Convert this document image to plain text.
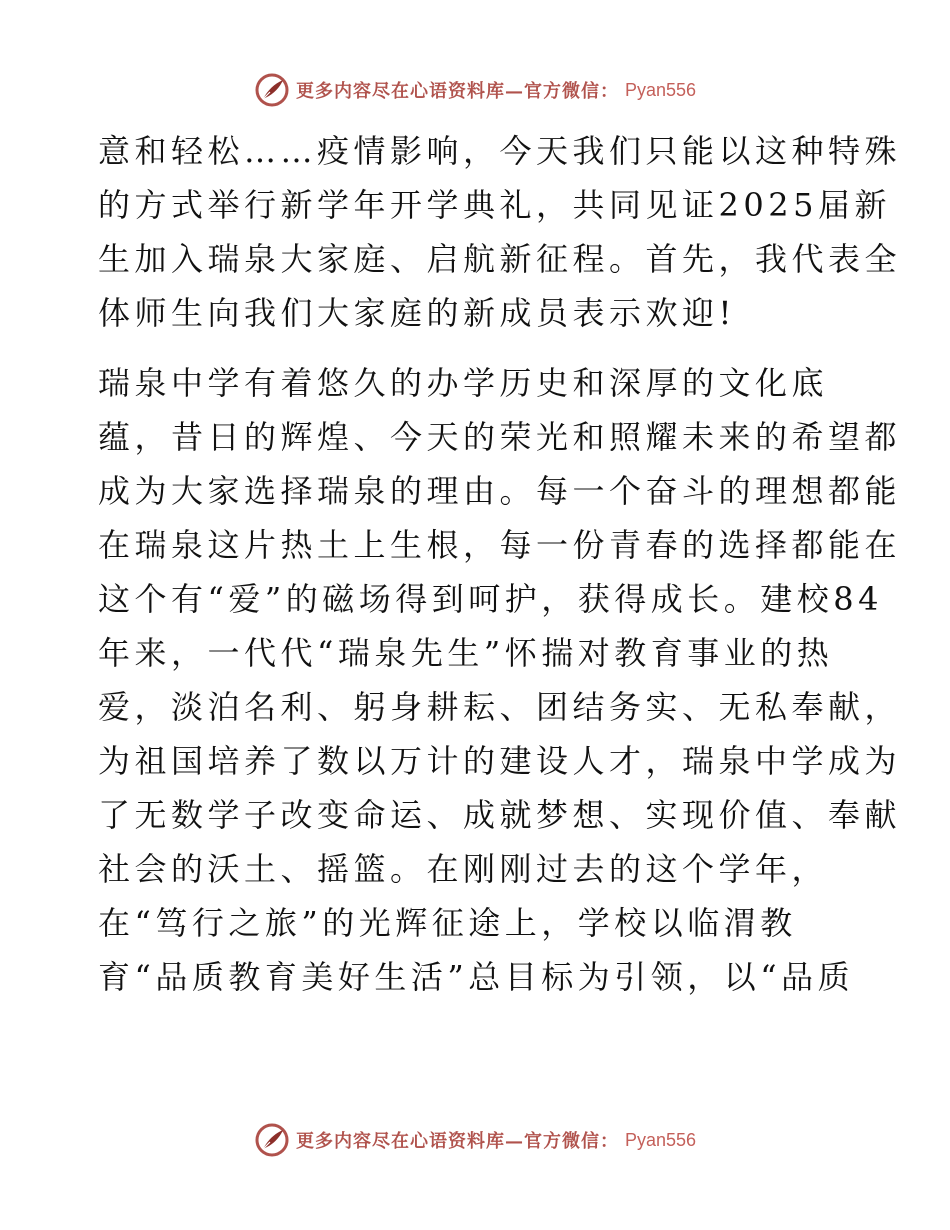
更多内容尽在心语资料库—官方微信： Pyan556
意和轻松……疫情影响，今天我们只能以这种特殊
的方式举行新学年开学典礼，共同见证2025届新
生加入瑞泉大家庭、启航新征程。首先，我代表全
体师生向我们大家庭的新成员表示欢迎!
瑞泉中学有着悠久的办学历史和深厚的文化底
蕴，昔日的辉煌、今天的荣光和照耀未来的希望都
成为大家选择瑞泉的理由。每一个奋斗的理想都能
在瑞泉这片热土上生根，每一份青春的选择都能在
这个有“爱”的磁场得到呵护，获得成长。建校84
年来，一代代“瑞泉先生”怀揣对教育事业的热
爱，淡泊名利、躬身耕耘、团结务实、无私奉献，
为祖国培养了数以万计的建设人才，瑞泉中学成为
了无数学子改变命运、成就梦想、实现价值、奉献
社会的沃土、摇篮。在刚刚过去的这个学年，
在“笃行之旅”的光辉征途上，学校以临渭教
育“品质教育美好生活”总目标为引领，以“品质
更多内容尽在心语资料库—官方微信： Pyan556
